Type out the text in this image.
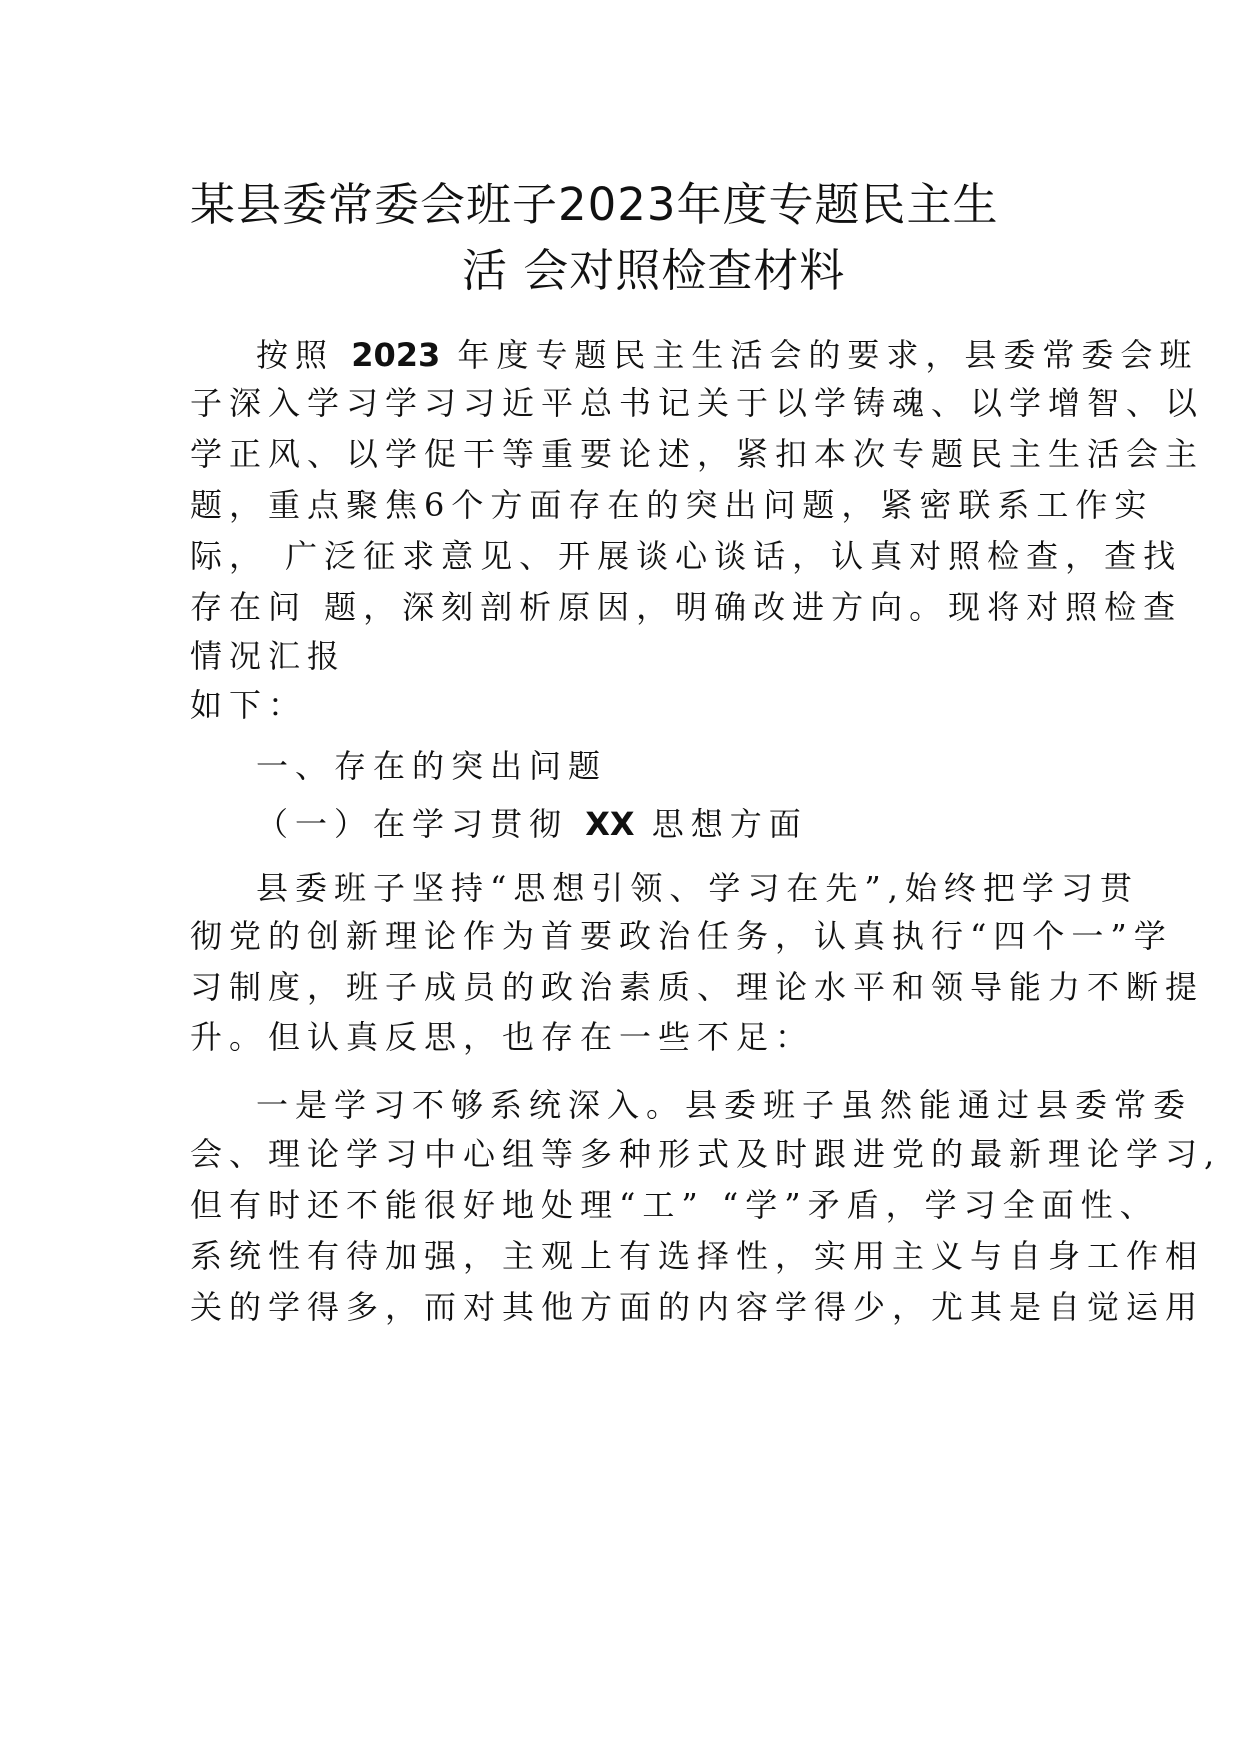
某县委常委会班子2023年度专题民主生
活 会对照检查材料
按照 2023 年度专题民主生活会的要求，县委常委会班
子深入学习学习习近平总书记关于以学铸魂、以学增智、以
学正风、以学促干等重要论述，紧扣本次专题民主生活会主
题，重点聚焦6个方面存在的突出问题，紧密联系工作实
际， 广泛征求意见、开展谈心谈话，认真对照检查，查找
存在问 题，深刻剖析原因，明确改进方向。现将对照检查
情况汇报
如下：
一、存在的突出问题
（一）在学习贯彻 XX 思想方面
县委班子坚持“思想引领、学习在先”,始终把学习贯
彻党的创新理论作为首要政治任务，认真执行“四个一”学
习制度，班子成员的政治素质、理论水平和领导能力不断提
升。但认真反思，也存在一些不足：
一是学习不够系统深入。县委班子虽然能通过县委常委
会、理论学习中心组等多种形式及时跟进党的最新理论学习,
但有时还不能很好地处理“工” “学”矛盾，学习全面性、
系统性有待加强，主观上有选择性，实用主义与自身工作相
关的学得多，而对其他方面的内容学得少，尤其是自觉运用
